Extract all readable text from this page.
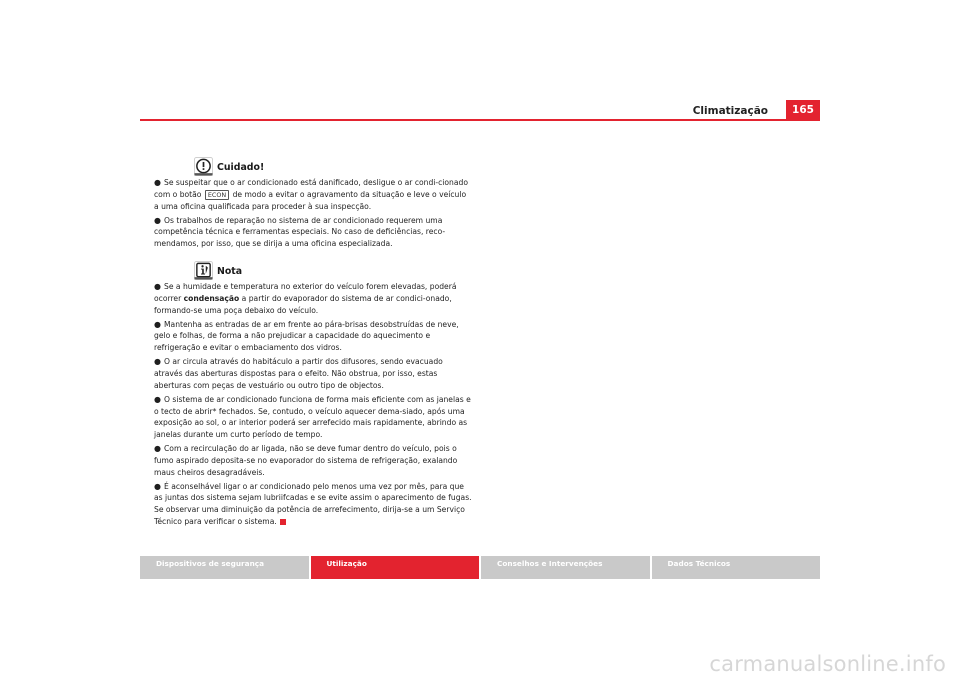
Climatização	165
Cuidado!

● Se suspeitar que o ar condicionado está danificado, desligue o ar condi-cionado com o botão ECON de modo a evitar o agravamento da situação e leve o veículo a uma oficina qualificada para proceder à sua inspecção.

● Os trabalhos de reparação no sistema de ar condicionado requerem uma competência técnica e ferramentas especiais. No caso de deficiências, reco-mendamos, por isso, que se dirija a uma oficina especializada.

Nota

● Se a humidade e temperatura no exterior do veículo forem elevadas, poderá ocorrer condensação a partir do evaporador do sistema de ar condici-onado, formando-se uma poça debaixo do veículo.

● Mantenha as entradas de ar em frente ao pára-brisas desobstruídas de neve, gelo e folhas, de forma a não prejudicar a capacidade do aquecimento e refrigeração e evitar o embaciamento dos vidros.

● O ar circula através do habitáculo a partir dos difusores, sendo evacuado através das aberturas dispostas para o efeito. Não obstrua, por isso, estas aberturas com peças de vestuário ou outro tipo de objectos.

● O sistema de ar condicionado funciona de forma mais eficiente com as janelas e o tecto de abrir* fechados. Se, contudo, o veículo aquecer dema-siado, após uma exposição ao sol, o ar interior poderá ser arrefecido mais rapidamente, abrindo as janelas durante um curto período de tempo.

● Com a recirculação do ar ligada, não se deve fumar dentro do veículo, pois o fumo aspirado deposita-se no evaporador do sistema de refrigeração, exalando maus cheiros desagradáveis.

● É aconselhável ligar o ar condicionado pelo menos uma vez por mês, para que as juntas dos sistema sejam lubriifcadas e se evite assim o aparecimento de fugas. Se observar uma diminuição da potência de arrefecimento, dirija-se a um Serviço Técnico para verificar o sistema.

Dispositivos de segurança	Utilização	Conselhos e Intervenções	Dados Técnicos
carmanualsonline.info
